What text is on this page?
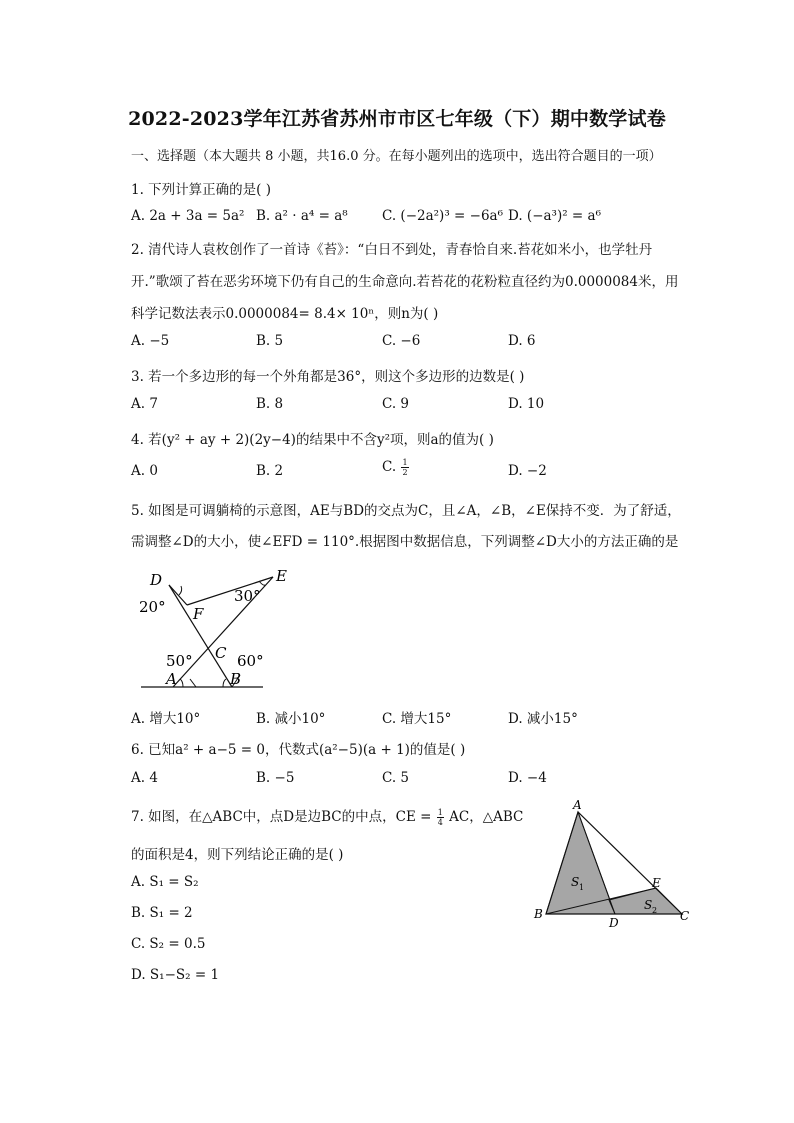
2022-2023学年江苏省苏州市市区七年级（下）期中数学试卷
一、选择题（本大题共 8 小题，共16.0 分。在每小题列出的选项中，选出符合题目的一项）
1. 下列计算正确的是( )
A. 2a + 3a = 5a² B. a² · a⁴ = a⁸	C. (−2a²)³ = −6a⁶ D. (−a³)² = a⁶
2. 清代诗人袁枚创作了一首诗《苔》：“白日不到处，青春恰自来.苔花如米小，也学牡丹
开.”歌颂了苔在恶劣环境下仍有自己的生命意向.若苔花的花粉粒直径约为0.0000084米，用
科学记数法表示0.0000084= 8.4× 10ⁿ，则n为( )
A. −5	B. 5	C. −6	D. 6
3. 若一个多边形的每一个外角都是36°，则这个多边形的边数是( )
A. 7	B. 8	C. 9	D. 10
4. 若(y² + ay + 2)(2y−4)的结果中不含y²项，则a的值为( )
A. 0	B. 2	C. $\frac{1}{2}$	D. −2
5. 如图是可调躺椅的示意图，AE与BD的交点为C，且∠A，∠B，∠E保持不变．为了舒适，
需调整∠D的大小，使∠EFD = 110°.根据图中数据信息，下列调整∠D大小的方法正确的是
D	E
F
C
A	B
20°
30°
50°	60°
A. 增大10°	B. 减小10°	C. 增大15°	D. 减小15°
6. 已知a² + a−5 = 0，代数式(a²−5)(a + 1)的值是( )
A. 4	B. −5	C. 5	D. −4
7. 如图，在△ABC中，点D是边BC的中点，CE = $\frac{1}{4}$ AC，△ABC
的面积是4，则下列结论正确的是( )
A. S₁ = S₂
B. S₁ = 2
C. S₂ = 0.5
D. S₁−S₂ = 1
A
B	C
D
E
S 1
S 2
